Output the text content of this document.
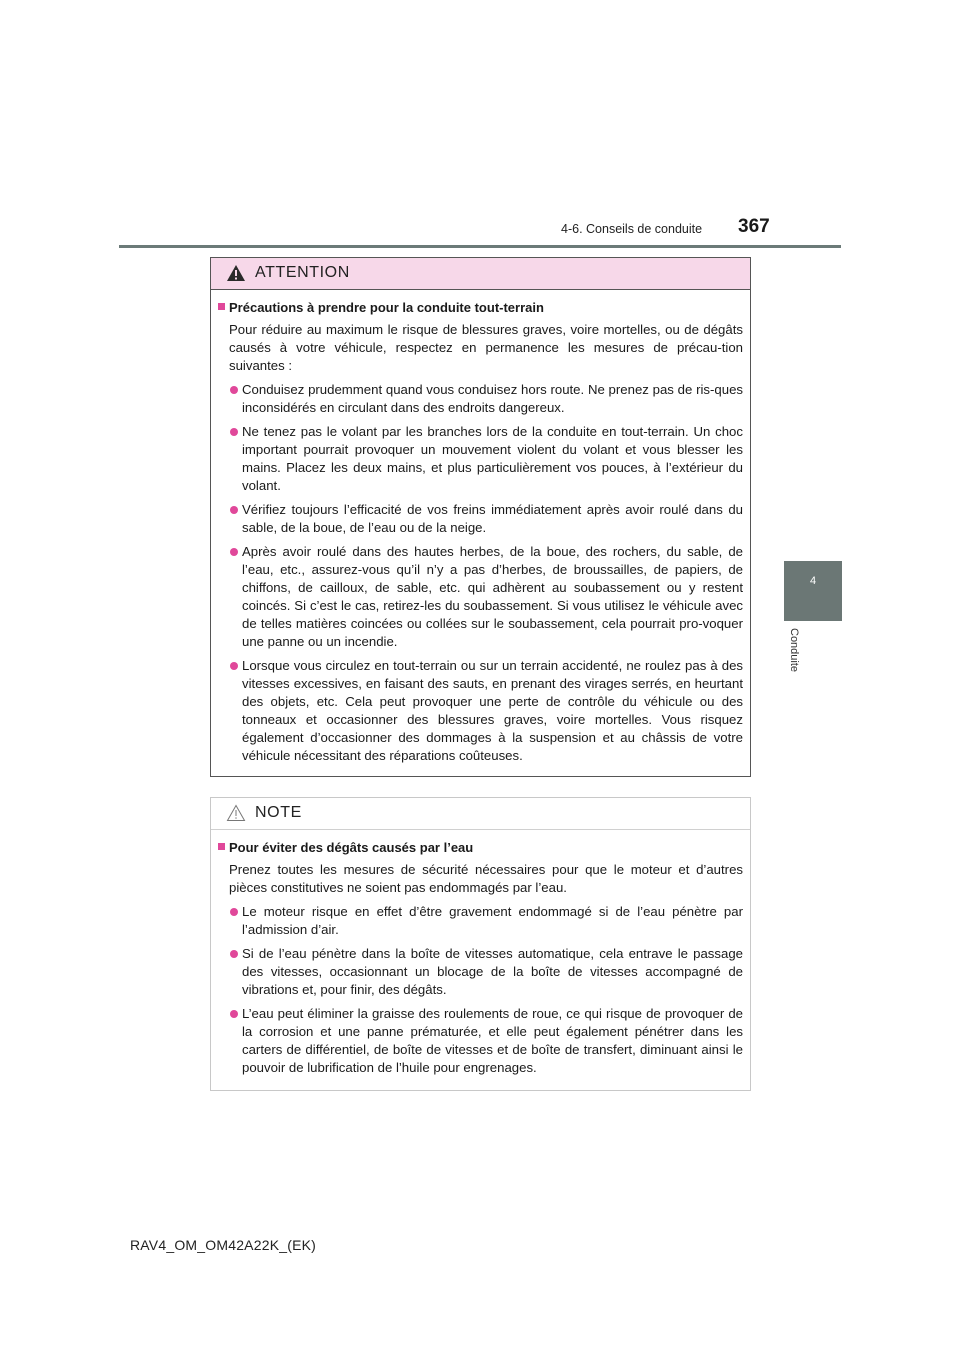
4-6. Conseils de conduite 367
4
Conduite
ATTENTION
Précautions à prendre pour la conduite tout-terrain
Pour réduire au maximum le risque de blessures graves, voire mortelles, ou de dégâts causés à votre véhicule, respectez en permanence les mesures de précau-tion suivantes :
Conduisez prudemment quand vous conduisez hors route. Ne prenez pas de ris-ques inconsidérés en circulant dans des endroits dangereux.
Ne tenez pas le volant par les branches lors de la conduite en tout-terrain. Un choc important pourrait provoquer un mouvement violent du volant et vous blesser les mains. Placez les deux mains, et plus particulièrement vos pouces, à l’extérieur du volant.
Vérifiez toujours l’efficacité de vos freins immédiatement après avoir roulé dans du sable, de la boue, de l’eau ou de la neige.
Après avoir roulé dans des hautes herbes, de la boue, des rochers, du sable, de l’eau, etc., assurez-vous qu’il n’y a pas d’herbes, de broussailles, de papiers, de chiffons, de cailloux, de sable, etc. qui adhèrent au soubassement ou y restent coincés. Si c’est le cas, retirez-les du soubassement. Si vous utilisez le véhicule avec de telles matières coincées ou collées sur le soubassement, cela pourrait pro-voquer une panne ou un incendie.
Lorsque vous circulez en tout-terrain ou sur un terrain accidenté, ne roulez pas à des vitesses excessives, en faisant des sauts, en prenant des virages serrés, en heurtant des objets, etc. Cela peut provoquer une perte de contrôle du véhicule ou des tonneaux et occasionner des blessures graves, voire mortelles. Vous risquez également d’occasionner des dommages à la suspension et au châssis de votre véhicule nécessitant des réparations coûteuses.
NOTE
Pour éviter des dégâts causés par l’eau
Prenez toutes les mesures de sécurité nécessaires pour que le moteur et d’autres pièces constitutives ne soient pas endommagés par l’eau.
Le moteur risque en effet d’être gravement endommagé si de l’eau pénètre par l’admission d’air.
Si de l’eau pénètre dans la boîte de vitesses automatique, cela entrave le passage des vitesses, occasionnant un blocage de la boîte de vitesses accompagné de vibrations et, pour finir, des dégâts.
L’eau peut éliminer la graisse des roulements de roue, ce qui risque de provoquer de la corrosion et une panne prématurée, et elle peut également pénétrer dans les carters de différentiel, de boîte de vitesses et de boîte de transfert, diminuant ainsi le pouvoir de lubrification de l’huile pour engrenages.
RAV4_OM_OM42A22K_(EK)
